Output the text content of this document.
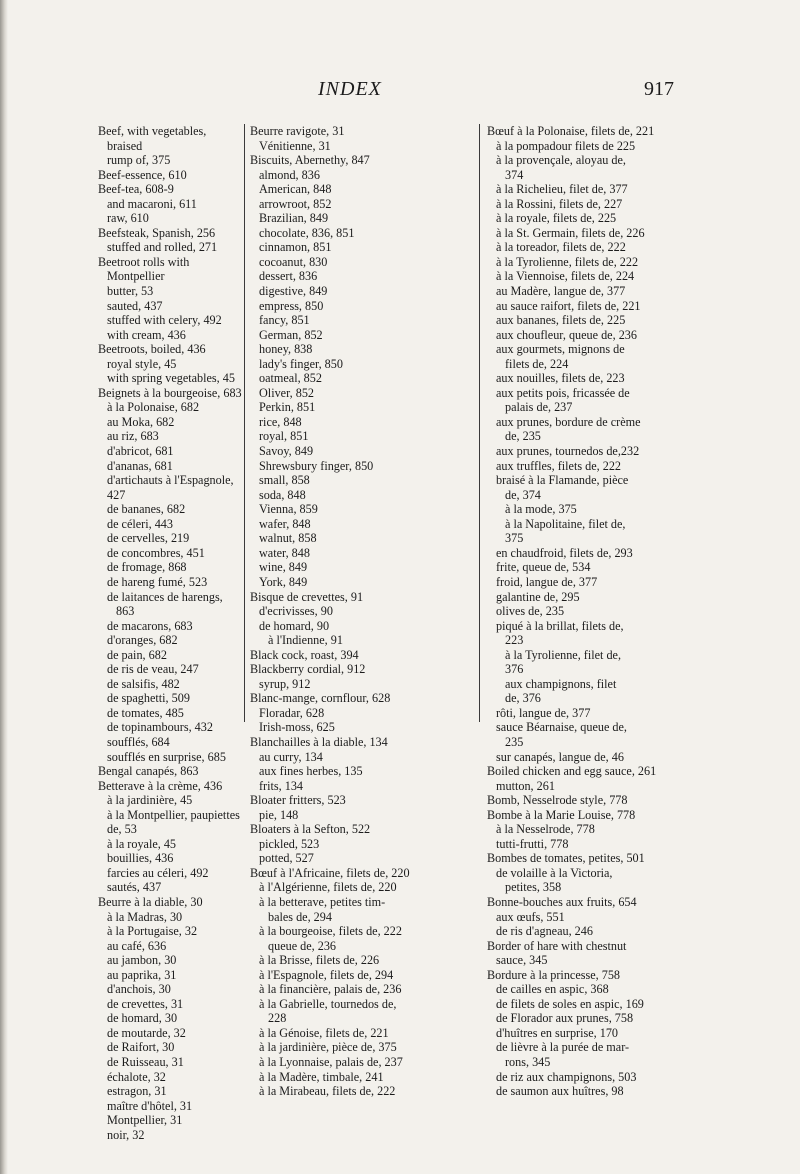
INDEX	917

Beef, with vegetables, braised

rump of, 375

Beef-essence, 610

Beef-tea, 608-9

and macaroni, 611

raw, 610

Beefsteak, Spanish, 256

stuffed and rolled, 271

Beetroot rolls with Montpellier

butter, 53

sauted, 437

stuffed with celery, 492

with cream, 436

Beetroots, boiled, 436

royal style, 45

with spring vegetables, 45

Beignets à la bourgeoise, 683

à la Polonaise, 682

au Moka, 682

au riz, 683

d'abricot, 681

d'ananas, 681

d'artichauts à l'Espagnole,

427

de bananes, 682

de céleri, 443

de cervelles, 219

de concombres, 451

de fromage, 868

de hareng fumé, 523

de laitances de harengs, 863

de macarons, 683

d'oranges, 682

de pain, 682

de ris de veau, 247

de salsifis, 482

de spaghetti, 509

de tomates, 485

de topinambours, 432

soufflés, 684

soufflés en surprise, 685

Bengal canapés, 863

Betterave à la crème, 436

à la jardinière, 45

à la Montpellier, paupiettes

de, 53

à la royale, 45

bouillies, 436

farcies au céleri, 492

sautés, 437

Beurre à la diable, 30

à la Madras, 30

à la Portugaise, 32

au café, 636

au jambon, 30

au paprika, 31

d'anchois, 30

de crevettes, 31

de homard, 30

de moutarde, 32

de Raifort, 30

de Ruisseau, 31

échalote, 32

estragon, 31

maître d'hôtel, 31

Montpellier, 31

noir, 32

Beurre ravigote, 31

Vénitienne, 31

Biscuits, Abernethy, 847

almond, 836

American, 848

arrowroot, 852

Brazilian, 849

chocolate, 836, 851

cinnamon, 851

cocoanut, 830

dessert, 836

digestive, 849

empress, 850

fancy, 851

German, 852

honey, 838

lady's finger, 850

oatmeal, 852

Oliver, 852

Perkin, 851

rice, 848

royal, 851

Savoy, 849

Shrewsbury finger, 850

small, 858

soda, 848

Vienna, 859

wafer, 848

walnut, 858

water, 848

wine, 849

York, 849

Bisque de crevettes, 91

d'ecrivisses, 90

de homard, 90

à l'Indienne, 91

Black cock, roast, 394

Blackberry cordial, 912

syrup, 912

Blanc-mange, cornflour, 628

Floradar, 628

Irish-moss, 625

Blanchailles à la diable, 134

au curry, 134

aux fines herbes, 135

frits, 134

Bloater fritters, 523

pie, 148

Bloaters à la Sefton, 522

pickled, 523

potted, 527

Bœuf à l'Africaine, filets de, 220

à l'Algérienne, filets de, 220

à la betterave, petites tim-

bales de, 294

à la bourgeoise, filets de, 222

queue de, 236

à la Brisse, filets de, 226

à l'Espagnole, filets de, 294

à la financière, palais de, 236

à la Gabrielle, tournedos de,

228

à la Génoise, filets de, 221

à la jardinière, pièce de, 375

à la Lyonnaise, palais de, 237

à la Madère, timbale, 241

à la Mirabeau, filets de, 222

Bœuf à la Polonaise, filets de, 221

à la pompadour filets de 225

à la provençale, aloyau de,

374

à la Richelieu, filet de, 377

à la Rossini, filets de, 227

à la royale, filets de, 225

à la St. Germain, filets de, 226

à la toreador, filets de, 222

à la Tyrolienne, filets de, 222

à la Viennoise, filets de, 224

au Madère, langue de, 377

au sauce raifort, filets de, 221

aux bananes, filets de, 225

aux choufleur, queue de, 236

aux gourmets, mignons de

filets de, 224

aux nouilles, filets de, 223

aux petits pois, fricassée de

palais de, 237

aux prunes, bordure de crème

de, 235

aux prunes, tournedos de,232

aux truffles, filets de, 222

braisé à la Flamande, pièce

de, 374

à la mode, 375

à la Napolitaine, filet de,

375

en chaudfroid, filets de, 293

frite, queue de, 534

froid, langue de, 377

galantine de, 295

olives de, 235

piqué à la brillat, filets de,

223

à la Tyrolienne, filet de,

376

aux champignons, filet

de, 376

rôti, langue de, 377

sauce Béarnaise, queue de,

235

sur canapés, langue de, 46

Boiled chicken and egg sauce, 261

mutton, 261

Bomb, Nesselrode style, 778

Bombe à la Marie Louise, 778

à la Nesselrode, 778

tutti-frutti, 778

Bombes de tomates, petites, 501

de volaille à la Victoria,

petites, 358

Bonne-bouches aux fruits, 654

aux œufs, 551

de ris d'agneau, 246

Border of hare with chestnut

sauce, 345

Bordure à la princesse, 758

de cailles en aspic, 368

de filets de soles en aspic, 169

de Florador aux prunes, 758

d'huîtres en surprise, 170

de lièvre à la purée de mar-

rons, 345

de riz aux champignons, 503

de saumon aux huîtres, 98
